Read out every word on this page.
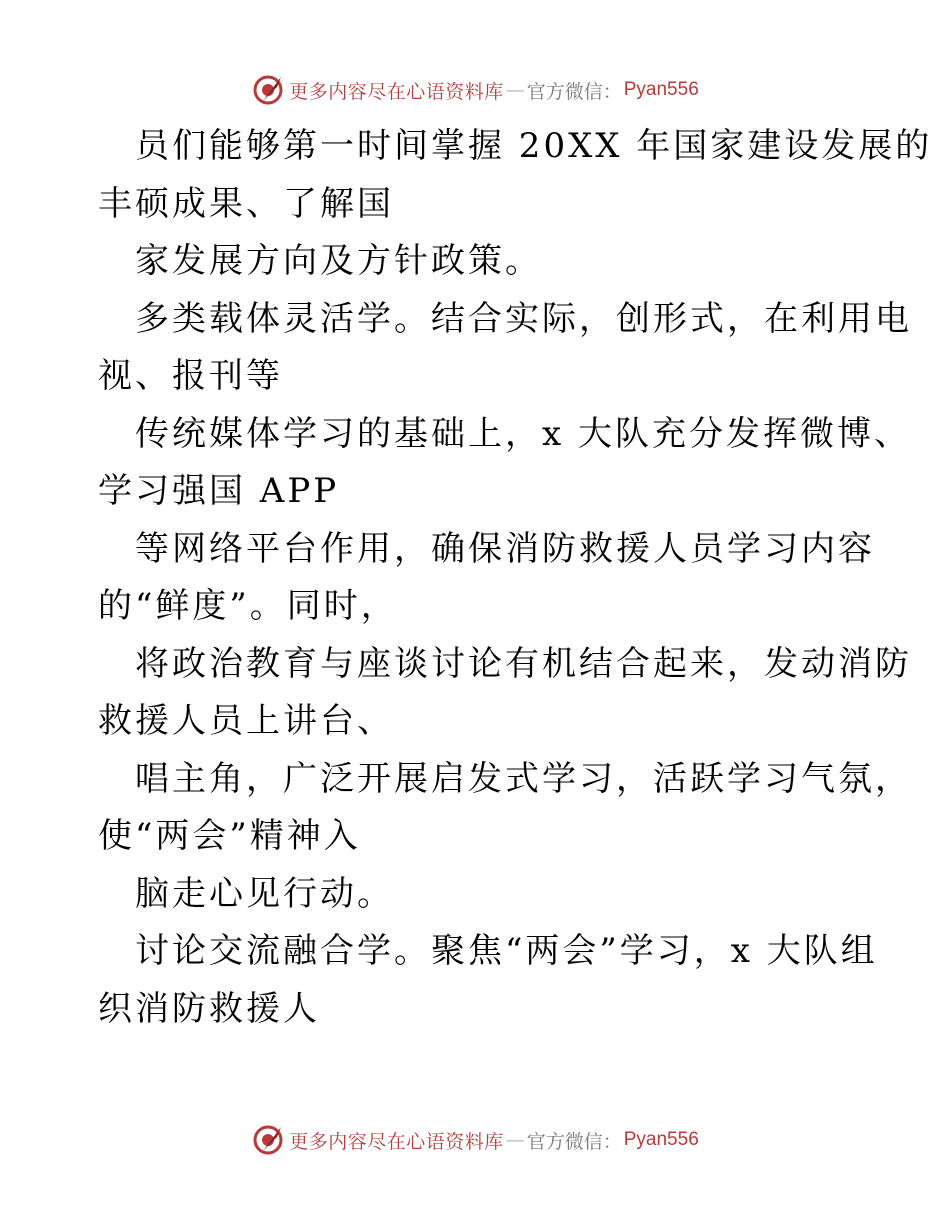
更多内容尽在心语资料库 — 官方微信： Pyan556
员们能够第一时间掌握 20XX 年国家建设发展的
丰硕成果、了解国
家发展方向及方针政策。
多类载体灵活学。结合实际，创形式，在利用电
视、报刊等
传统媒体学习的基础上，x 大队充分发挥微博、
学习强国 APP
等网络平台作用，确保消防救援人员学习内容
的“鲜度”。同时，
将政治教育与座谈讨论有机结合起来，发动消防
救援人员上讲台、
唱主角，广泛开展启发式学习，活跃学习气氛，
使“两会”精神入
脑走心见行动。
讨论交流融合学。聚焦“两会”学习，x 大队组
织消防救援人
更多内容尽在心语资料库 — 官方微信： Pyan556
